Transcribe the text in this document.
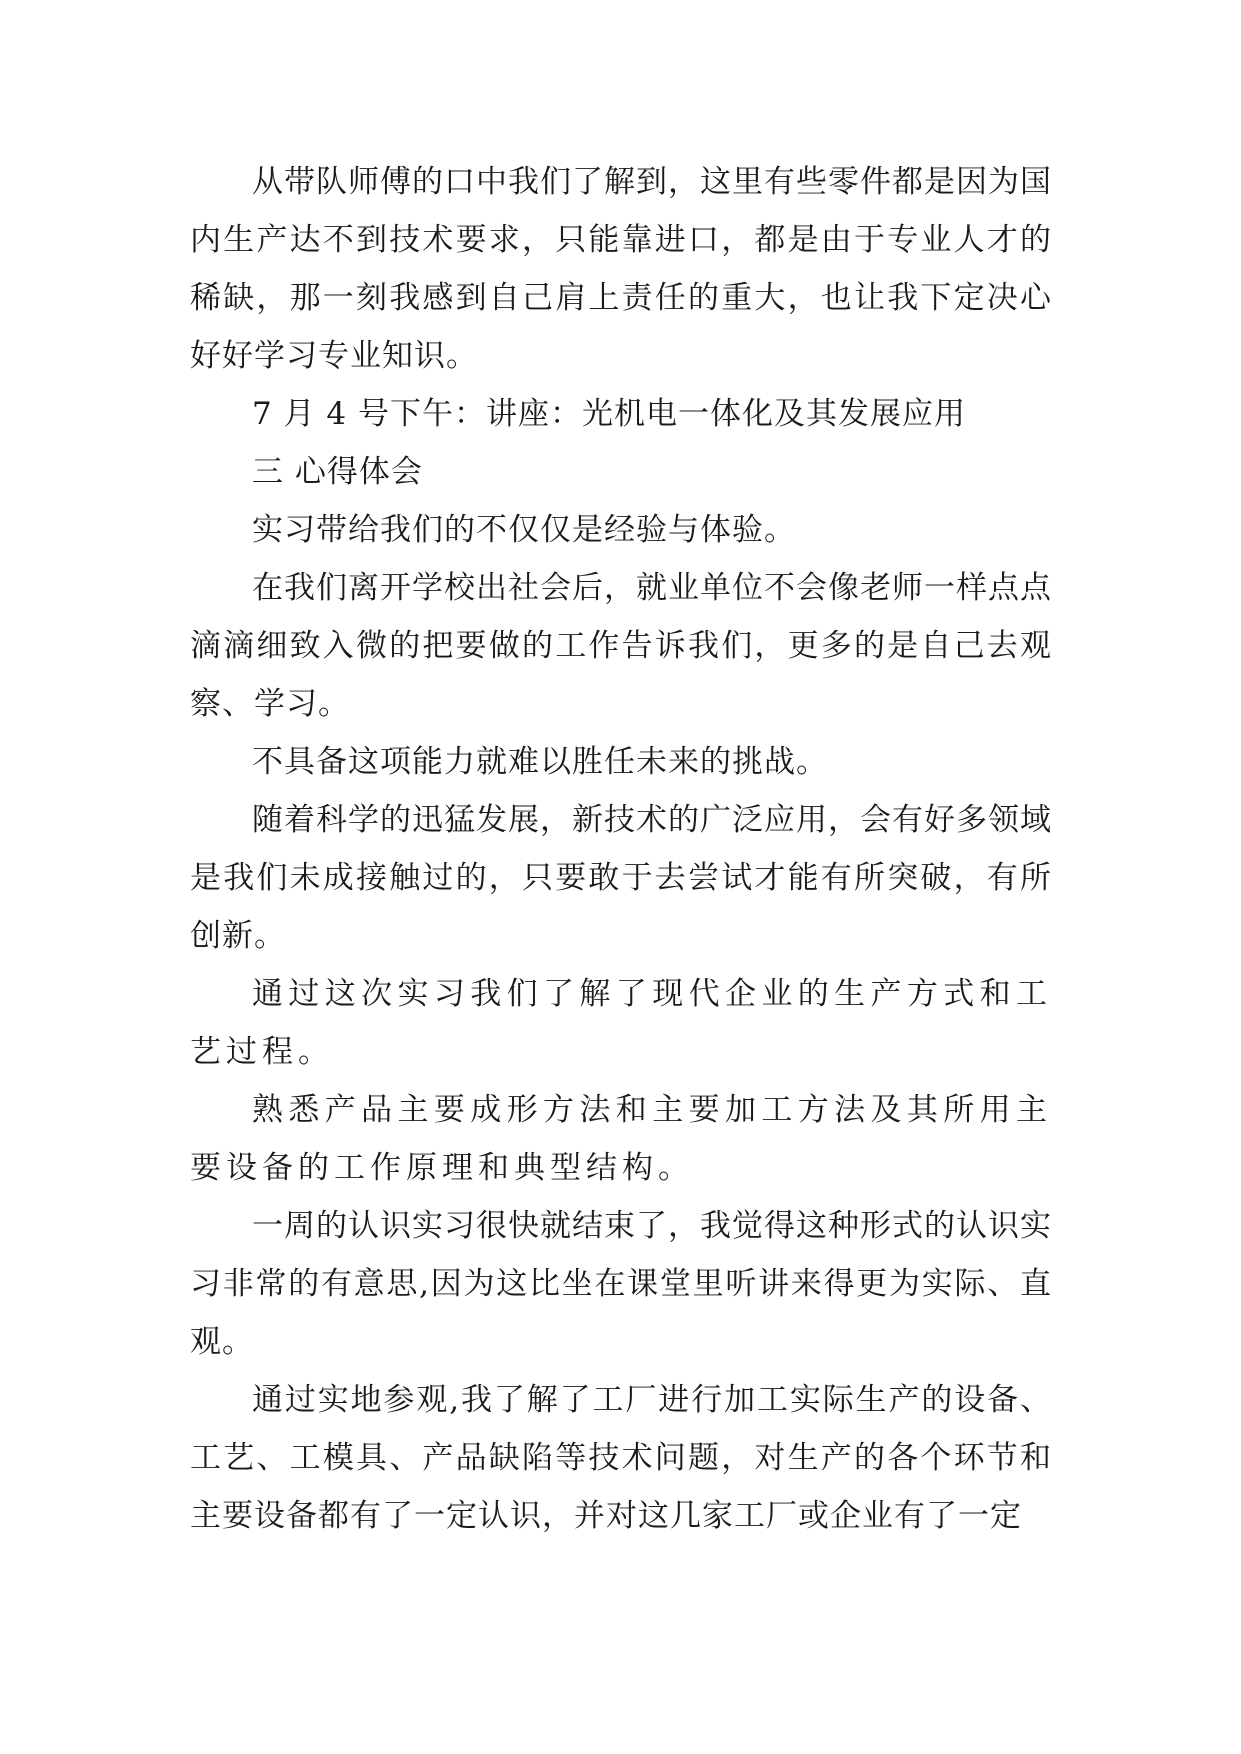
从带队师傅的口中我们了解到，这里有些零件都是因为国内生产达不到技术要求，只能靠进口，都是由于专业人才的稀缺，那一刻我感到自己肩上责任的重大，也让我下定决心好好学习专业知识。

7 月 4 号下午：讲座：光机电一体化及其发展应用

三 心得体会

实习带给我们的不仅仅是经验与体验。

在我们离开学校出社会后，就业单位不会像老师一样点点滴滴细致入微的把要做的工作告诉我们，更多的是自己去观察、学习。

不具备这项能力就难以胜任未来的挑战。

随着科学的迅猛发展，新技术的广泛应用，会有好多领域是我们未成接触过的，只要敢于去尝试才能有所突破，有所创新。

通过这次实习我们了解了现代企业的生产方式和工艺过程。

熟悉产品主要成形方法和主要加工方法及其所用主要设备的工作原理和典型结构。

一周的认识实习很快就结束了，我觉得这种形式的认识实习非常的有意思,因为这比坐在课堂里听讲来得更为实际、直观。

通过实地参观,我了解了工厂进行加工实际生产的设备、工艺、工模具、产品缺陷等技术问题，对生产的各个环节和主要设备都有了一定认识，并对这几家工厂或企业有了一定
